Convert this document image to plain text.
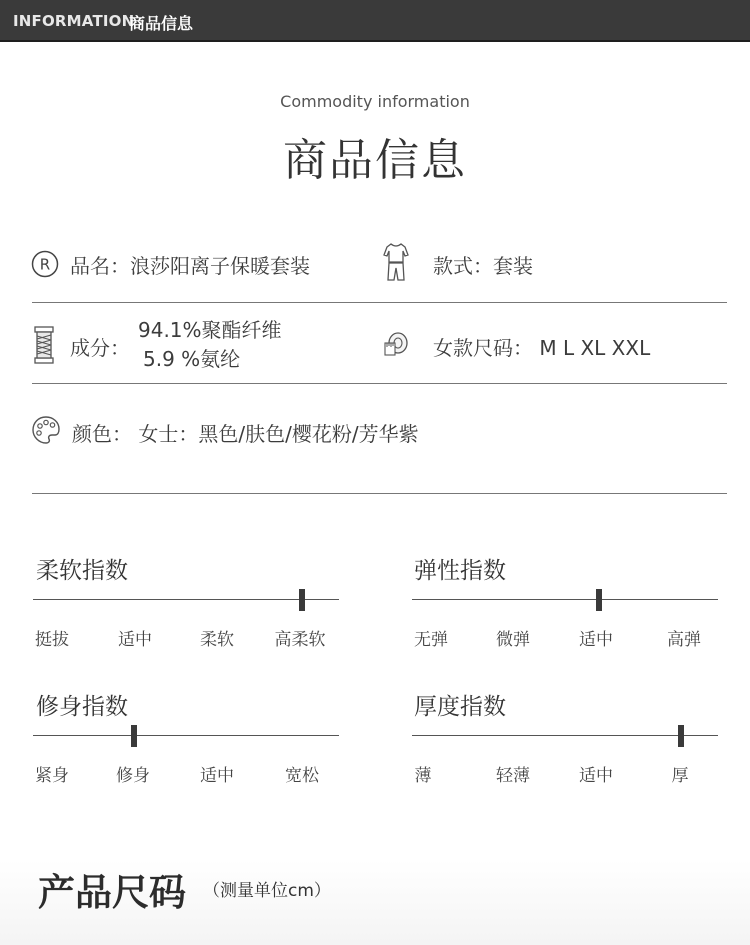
INFORMATION
商品信息
Commodity information
商品信息
R 品名：浪莎阳离子保暖套装	款式：套装
成分：
94.1%聚酯纤维
5.9 %氨纶	女款尺码： M L XL XXL
颜色： 女士：黑色/肤色/樱花粉/芳华紫
柔软指数
挺拔	适中	柔软 高柔软
弹性指数
无弹	微弹	适中	高弹
修身指数
紧身	修身	适中	宽松
厚度指数
薄	轻薄	适中	厚
产品尺码 （测量单位cm）
